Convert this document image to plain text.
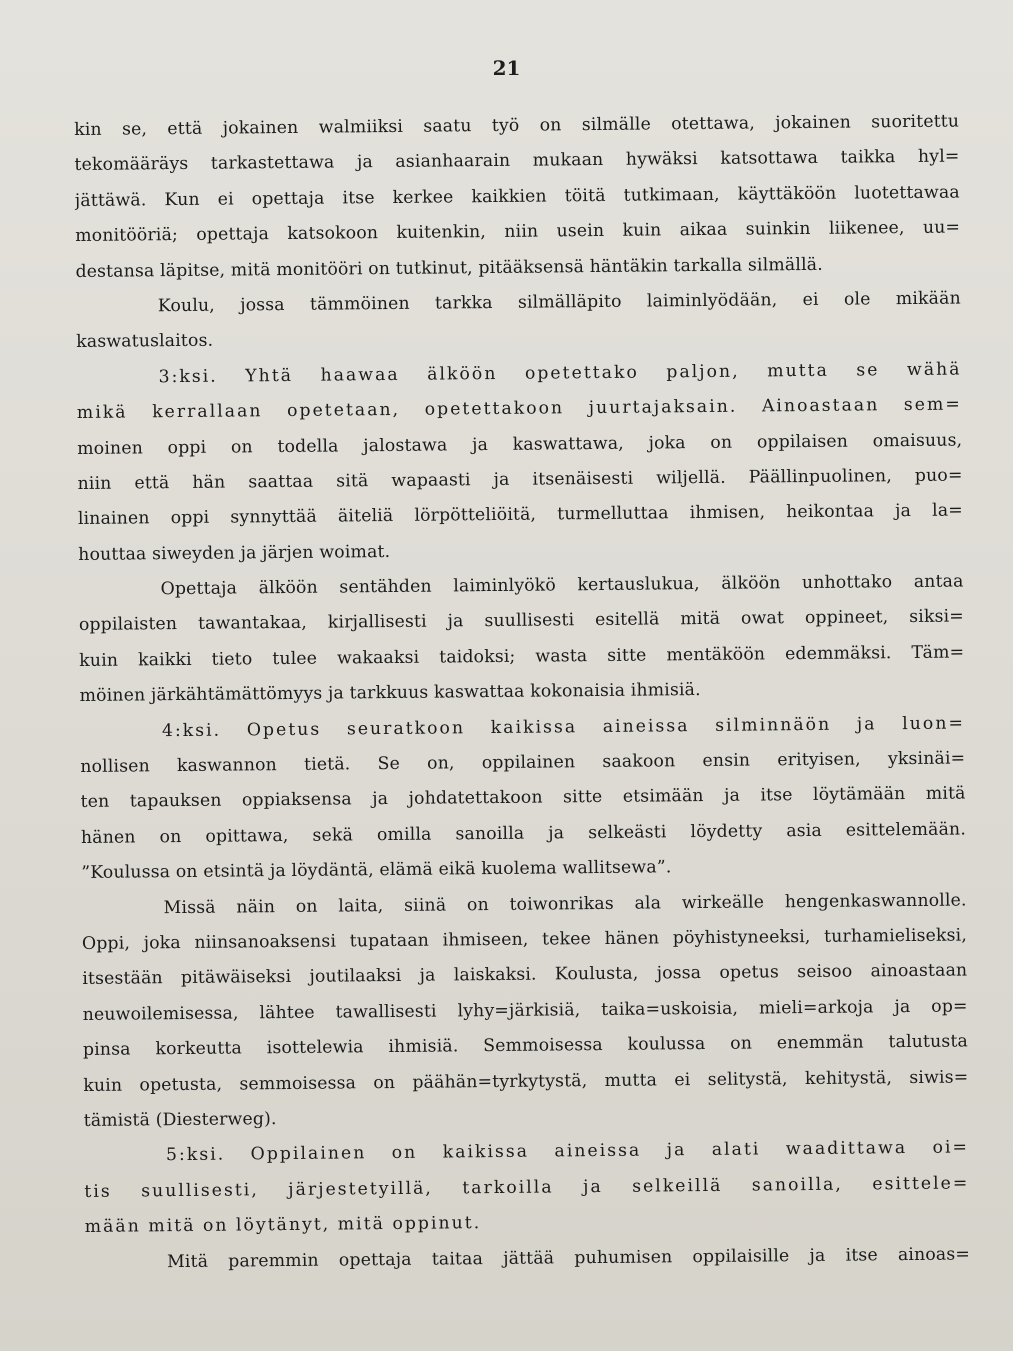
21
kin se, että jokainen walmiiksi saatu työ on silmälle otettawa, jokainen suoritettu
tekomääräys tarkastettawa ja asianhaarain mukaan hywäksi katsottawa taikka hyl=
jättäwä. Kun ei opettaja itse kerkee kaikkien töitä tutkimaan, käyttäköön luotettawaa
monitööriä; opettaja katsokoon kuitenkin, niin usein kuin aikaa suinkin liikenee, uu=
destansa läpitse, mitä monitööri on tutkinut, pitääksensä häntäkin tarkalla silmällä.
Koulu, jossa tämmöinen tarkka silmälläpito laiminlyödään, ei ole mikään
kaswatuslaitos.
3:ksi. Yhtä haawaa älköön opetettako paljon, mutta se wähä
mikä kerrallaan opetetaan, opetettakoon juurtajaksain. Ainoastaan sem=
moinen oppi on todella jalostawa ja kaswattawa, joka on oppilaisen omaisuus,
niin että hän saattaa sitä wapaasti ja itsenäisesti wiljellä. Päällinpuolinen, puo=
linainen oppi synnyttää äiteliä lörpötteliöitä, turmelluttaa ihmisen, heikontaa ja la=
houttaa siweyden ja järjen woimat.
Opettaja älköön sentähden laiminlyökö kertauslukua, älköön unhottako antaa
oppilaisten tawantakaa, kirjallisesti ja suullisesti esitellä mitä owat oppineet, siksi=
kuin kaikki tieto tulee wakaaksi taidoksi; wasta sitte mentäköön edemmäksi. Täm=
möinen järkähtämättömyys ja tarkkuus kaswattaa kokonaisia ihmisiä.
4:ksi. Opetus seuratkoon kaikissa aineissa silminnäön ja luon=
nollisen kaswannon tietä. Se on, oppilainen saakoon ensin erityisen, yksinäi=
ten tapauksen oppiaksensa ja johdatettakoon sitte etsimään ja itse löytämään mitä
hänen on opittawa, sekä omilla sanoilla ja selkeästi löydetty asia esittelemään.
”Koulussa on etsintä ja löydäntä, elämä eikä kuolema wallitsewa”.
Missä näin on laita, siinä on toiwonrikas ala wirkeälle hengenkaswannolle.
Oppi, joka niinsanoaksensi tupataan ihmiseen, tekee hänen pöyhistyneeksi, turhamieliseksi,
itsestään pitäwäiseksi joutilaaksi ja laiskaksi. Koulusta, jossa opetus seisoo ainoastaan
neuwoilemisessa, lähtee tawallisesti lyhy=järkisiä, taika=uskoisia, mieli=arkoja ja op=
pinsa korkeutta isottelewia ihmisiä. Semmoisessa koulussa on enemmän talutusta
kuin opetusta, semmoisessa on päähän=tyrkytystä, mutta ei selitystä, kehitystä, siwis=
tämistä (Diesterweg).
5:ksi. Oppilainen on kaikissa aineissa ja alati waadittawa oi=
tis suullisesti, järjestetyillä, tarkoilla ja selkeillä sanoilla, esittele=
mään mitä on löytänyt, mitä oppinut.
Mitä paremmin opettaja taitaa jättää puhumisen oppilaisille ja itse ainoas=
